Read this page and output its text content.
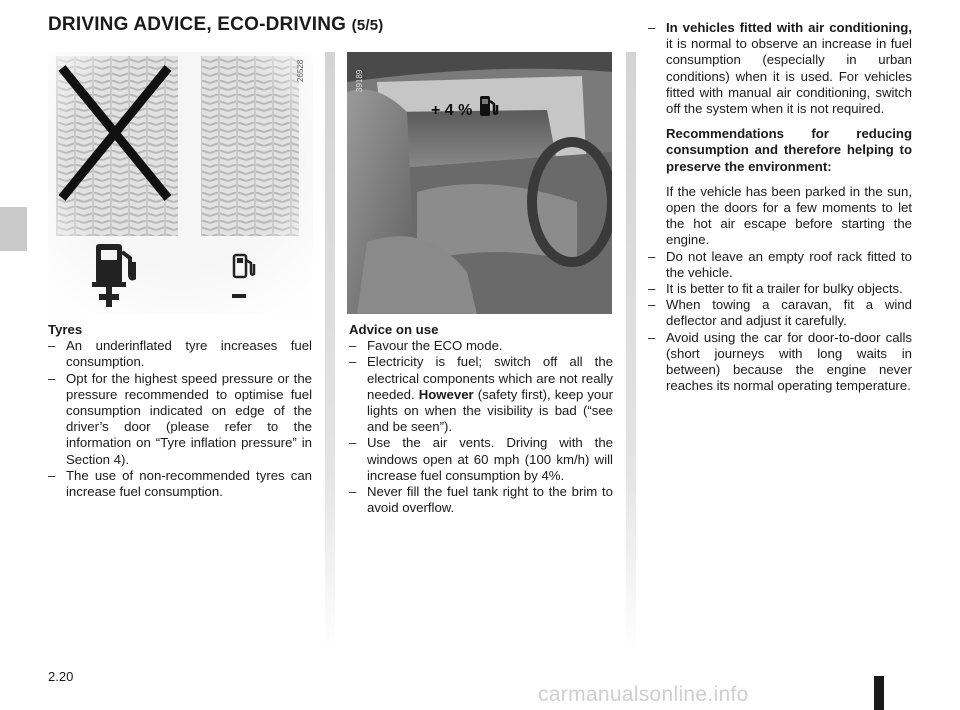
DRIVING ADVICE, ECO-DRIVING (5/5)
26528
+ 4 %
39189

Tyres

– An underinflated tyre increases fuel consumption.
– Opt for the highest speed pressure or the pressure recommended to optimise fuel consumption indicated on edge of the driver’s door (please refer to the information on “Tyre inflation pressure” in Section 4).
– The use of non-recommended tyres can increase fuel consumption.

Advice on use

– Favour the ECO mode.
– Electricity is fuel; switch off all the electrical components which are not really needed. However (safety first), keep your lights on when the visibility is bad (“see and be seen”).
– Use the air vents. Driving with the windows open at 60 mph (100 km/h) will increase fuel consumption by 4%.
– Never fill the fuel tank right to the brim to avoid overflow.
– In vehicles fitted with air conditioning, it is normal to observe an increase in fuel consumption (especially in urban conditions) when it is used. For vehicles fitted with manual air conditioning, switch off the system when it is not required.

Recommendations for reducing consumption and therefore helping to preserve the environment:

If the vehicle has been parked in the sun, open the doors for a few moments to let the hot air escape before starting the engine.

– Do not leave an empty roof rack fitted to the vehicle.
– It is better to fit a trailer for bulky objects.
– When towing a caravan, fit a wind deflector and adjust it carefully.
– Avoid using the car for door-to-door calls (short journeys with long waits in between) because the engine never reaches its normal operating temperature.
2.20
carmanualsonline.info
